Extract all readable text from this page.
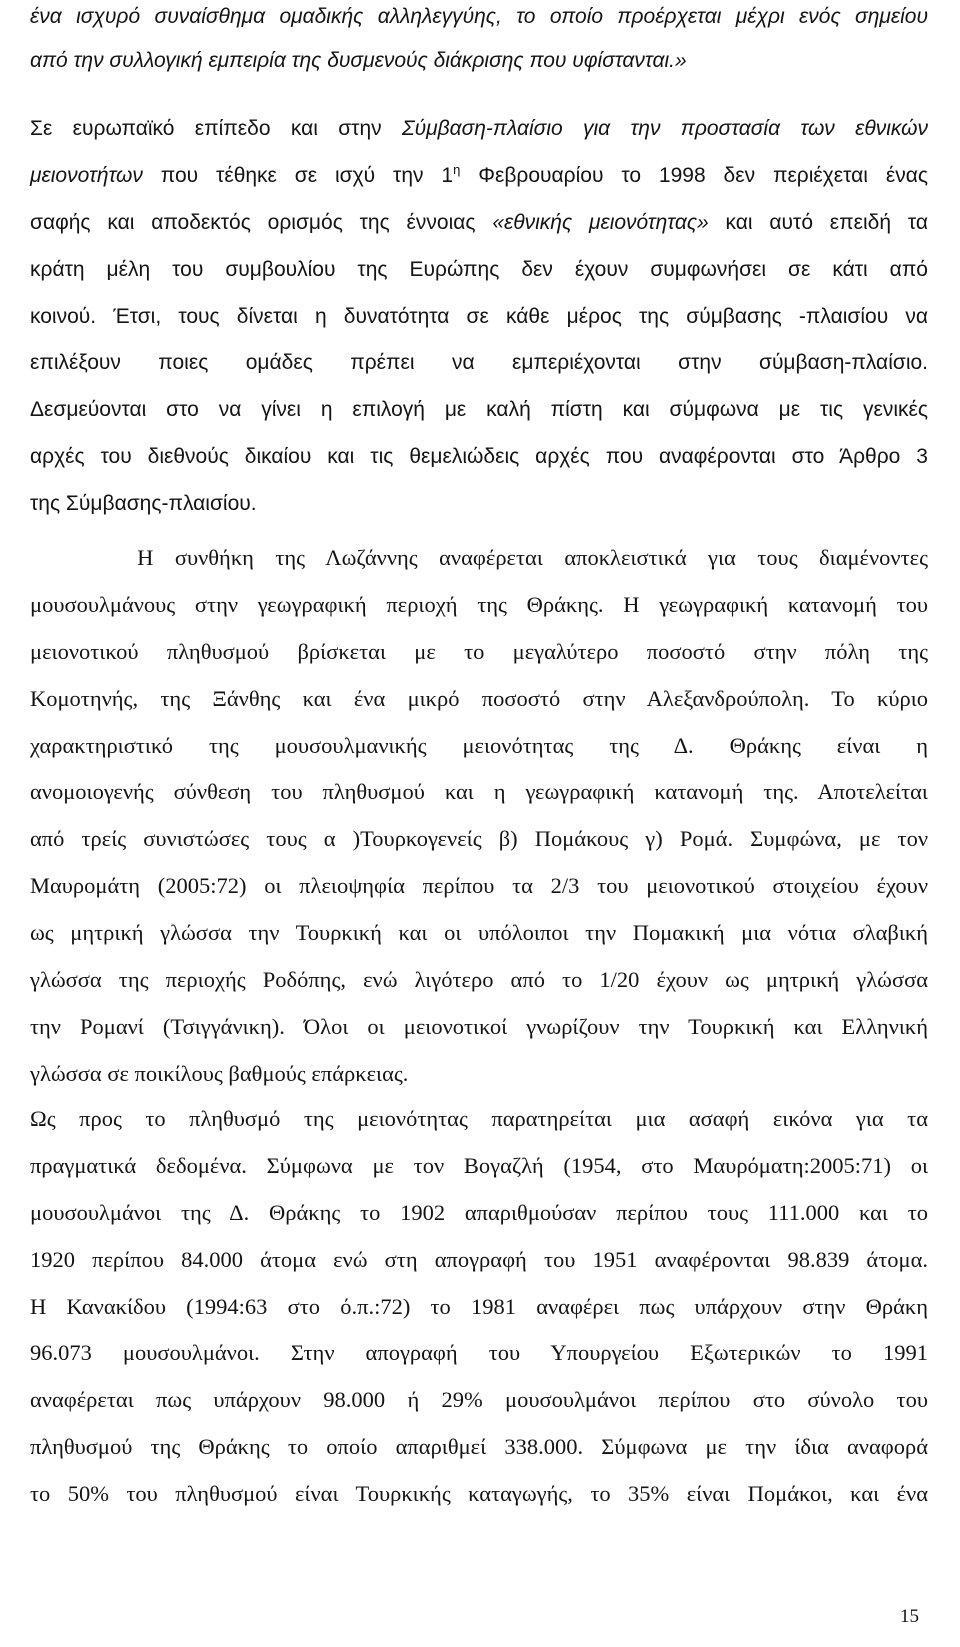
ένα ισχυρό συναίσθημα ομαδικής αλληλεγγύης, το οποίο προέρχεται μέχρι ενός σημείου
από την συλλογική εμπειρία της δυσμενούς διάκρισης που υφίστανται.»
Σε ευρωπαϊκό επίπεδο και στην Σύμβαση-πλαίσιο για την προστασία των εθνικών
μειονοτήτων που τέθηκε σε ισχύ την $1^\eta$ Φεβρουαρίου το 1998 δεν περιέχεται ένας
σαφής και αποδεκτός ορισμός της έννοιας «εθνικής μειονότητας» και αυτό επειδή τα
κράτη μέλη του συμβουλίου της Ευρώπης δεν έχουν συμφωνήσει σε κάτι από
κοινού. Έτσι, τους δίνεται η δυνατότητα σε κάθε μέρος της σύμβασης -πλαισίου να
επιλέξουν ποιες ομάδες πρέπει να εμπεριέχονται στην σύμβαση-πλαίσιο.
Δεσμεύονται στο να γίνει η επιλογή με καλή πίστη και σύμφωνα με τις γενικές
αρχές του διεθνούς δικαίου και τις θεμελιώδεις αρχές που αναφέρονται στο Άρθρο 3
της Σύμβασης-πλαισίου.
Η συνθήκη της Λωζάννης αναφέρεται αποκλειστικά για τους διαμένοντες
μουσουλμάνους στην γεωγραφική περιοχή της Θράκης. Η γεωγραφική κατανομή του
μειονοτικού πληθυσμού βρίσκεται με το μεγαλύτερο ποσοστό στην πόλη της
Κομοτηνής, της Ξάνθης και ένα μικρό ποσοστό στην Αλεξανδρούπολη. Το κύριο
χαρακτηριστικό της μουσουλμανικής μειονότητας της Δ. Θράκης είναι η
ανομοιογενής σύνθεση του πληθυσμού και η γεωγραφική κατανομή της. Αποτελείται
από τρείς συνιστώσες τους α )Τουρκογενείς β) Πομάκους γ) Ρομά. Συμφώνα, με τον
Μαυρομάτη (2005:72) οι πλειοψηφία περίπου τα 2/3 του μειονοτικού στοιχείου έχουν
ως μητρική γλώσσα την Τουρκική και οι υπόλοιποι την Πομακική μια νότια σλαβική
γλώσσα της περιοχής Ροδόπης, ενώ λιγότερο από το 1/20 έχουν ως μητρική γλώσσα
την Ρομανί (Τσιγγάνικη). Όλοι οι μειονοτικοί γνωρίζουν την Τουρκική και Ελληνική
γλώσσα σε ποικίλους βαθμούς επάρκειας.
Ως προς το πληθυσμό της μειονότητας παρατηρείται μια ασαφή εικόνα για τα
πραγματικά δεδομένα. Σύμφωνα με τον Βογαζλή (1954, στο Μαυρόματη:2005:71) οι
μουσουλμάνοι της Δ. Θράκης το 1902 απαριθμούσαν περίπου τους 111.000 και το
1920 περίπου 84.000 άτομα ενώ στη απογραφή του 1951 αναφέρονται 98.839 άτομα.
Η Κανακίδου (1994:63 στο ό.π.:72) το 1981 αναφέρει πως υπάρχουν στην Θράκη
96.073 μουσουλμάνοι. Στην απογραφή του Υπουργείου Εξωτερικών το 1991
αναφέρεται πως υπάρχουν 98.000 ή 29% μουσουλμάνοι περίπου στο σύνολο του
πληθυσμού της Θράκης το οποίο απαριθμεί 338.000. Σύμφωνα με την ίδια αναφορά
το 50% του πληθυσμού είναι Τουρκικής καταγωγής, το 35% είναι Πομάκοι, και ένα
15
